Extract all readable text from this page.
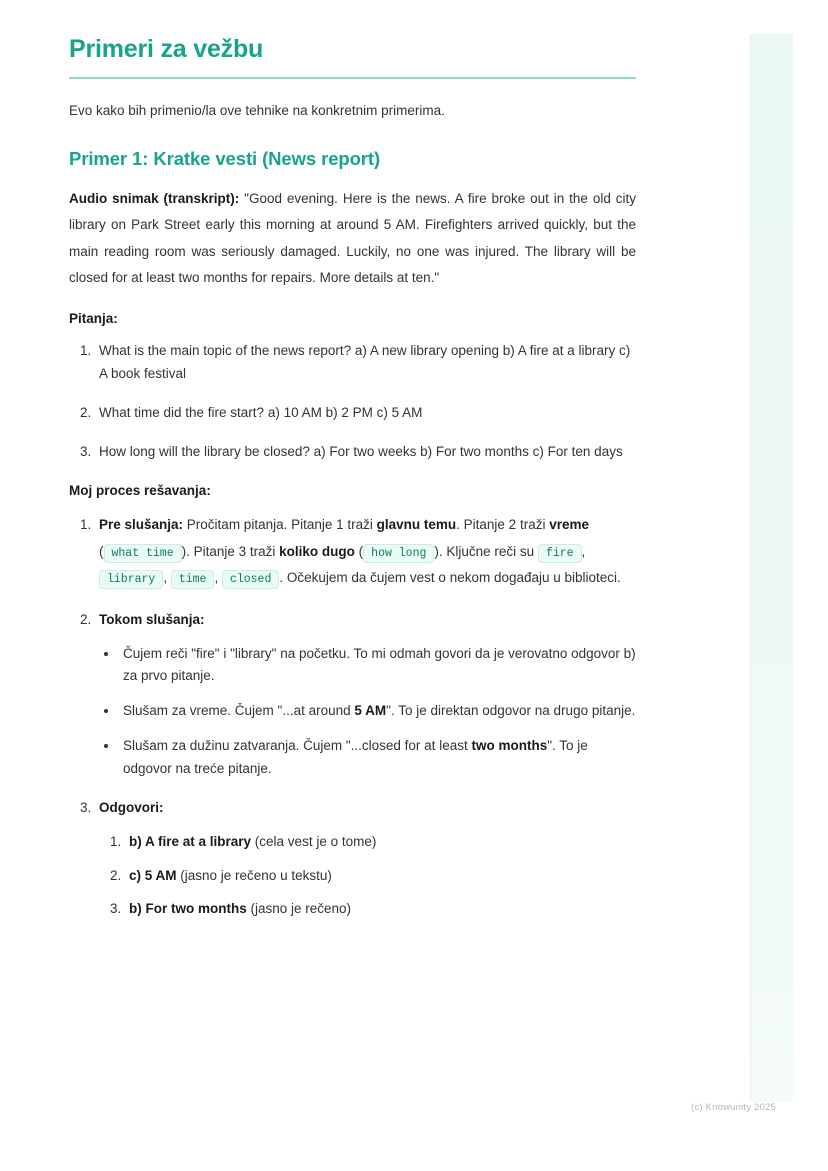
Primeri za vežbu

Evo kako bih primenio/la ove tehnike na konkretnim primerima.

Primer 1: Kratke vesti (News report)

Audio snimak (transkript): "Good evening. Here is the news. A fire broke out in the old city library on Park Street early this morning at around 5 AM. Firefighters arrived quickly, but the main reading room was seriously damaged. Luckily, no one was injured. The library will be closed for at least two months for repairs. More details at ten."

Pitanja:

1. What is the main topic of the news report? a) A new library opening b) A fire at a library c) A book festival
2. What time did the fire start? a) 10 AM b) 2 PM c) 5 AM
3. How long will the library be closed? a) For two weeks b) For two months c) For ten days

Moj proces rešavanja:

1. Pre slušanja: Pročitam pitanja. Pitanje 1 traži glavnu temu. Pitanje 2 traži vreme ( what time ). Pitanje 3 traži koliko dugo ( how long ). Ključne reči su fire , library , time , closed . Očekujem da čujem vest o nekom događaju u biblioteci.
2. Tokom slušanja:
• Čujem reči "fire" i "library" na početku. To mi odmah govori da je verovatno odgovor b) za prvo pitanje.
• Slušam za vreme. Čujem "...at around 5 AM". To je direktan odgovor na drugo pitanje.
• Slušam za dužinu zatvaranja. Čujem "...closed for at least two months". To je odgovor na treće pitanje.
3. Odgovori:
1. b) A fire at a library (cela vest je o tome)
2. c) 5 AM (jasno je rečeno u tekstu)
3. b) For two months (jasno je rečeno)
(c) Knowunity 2025
